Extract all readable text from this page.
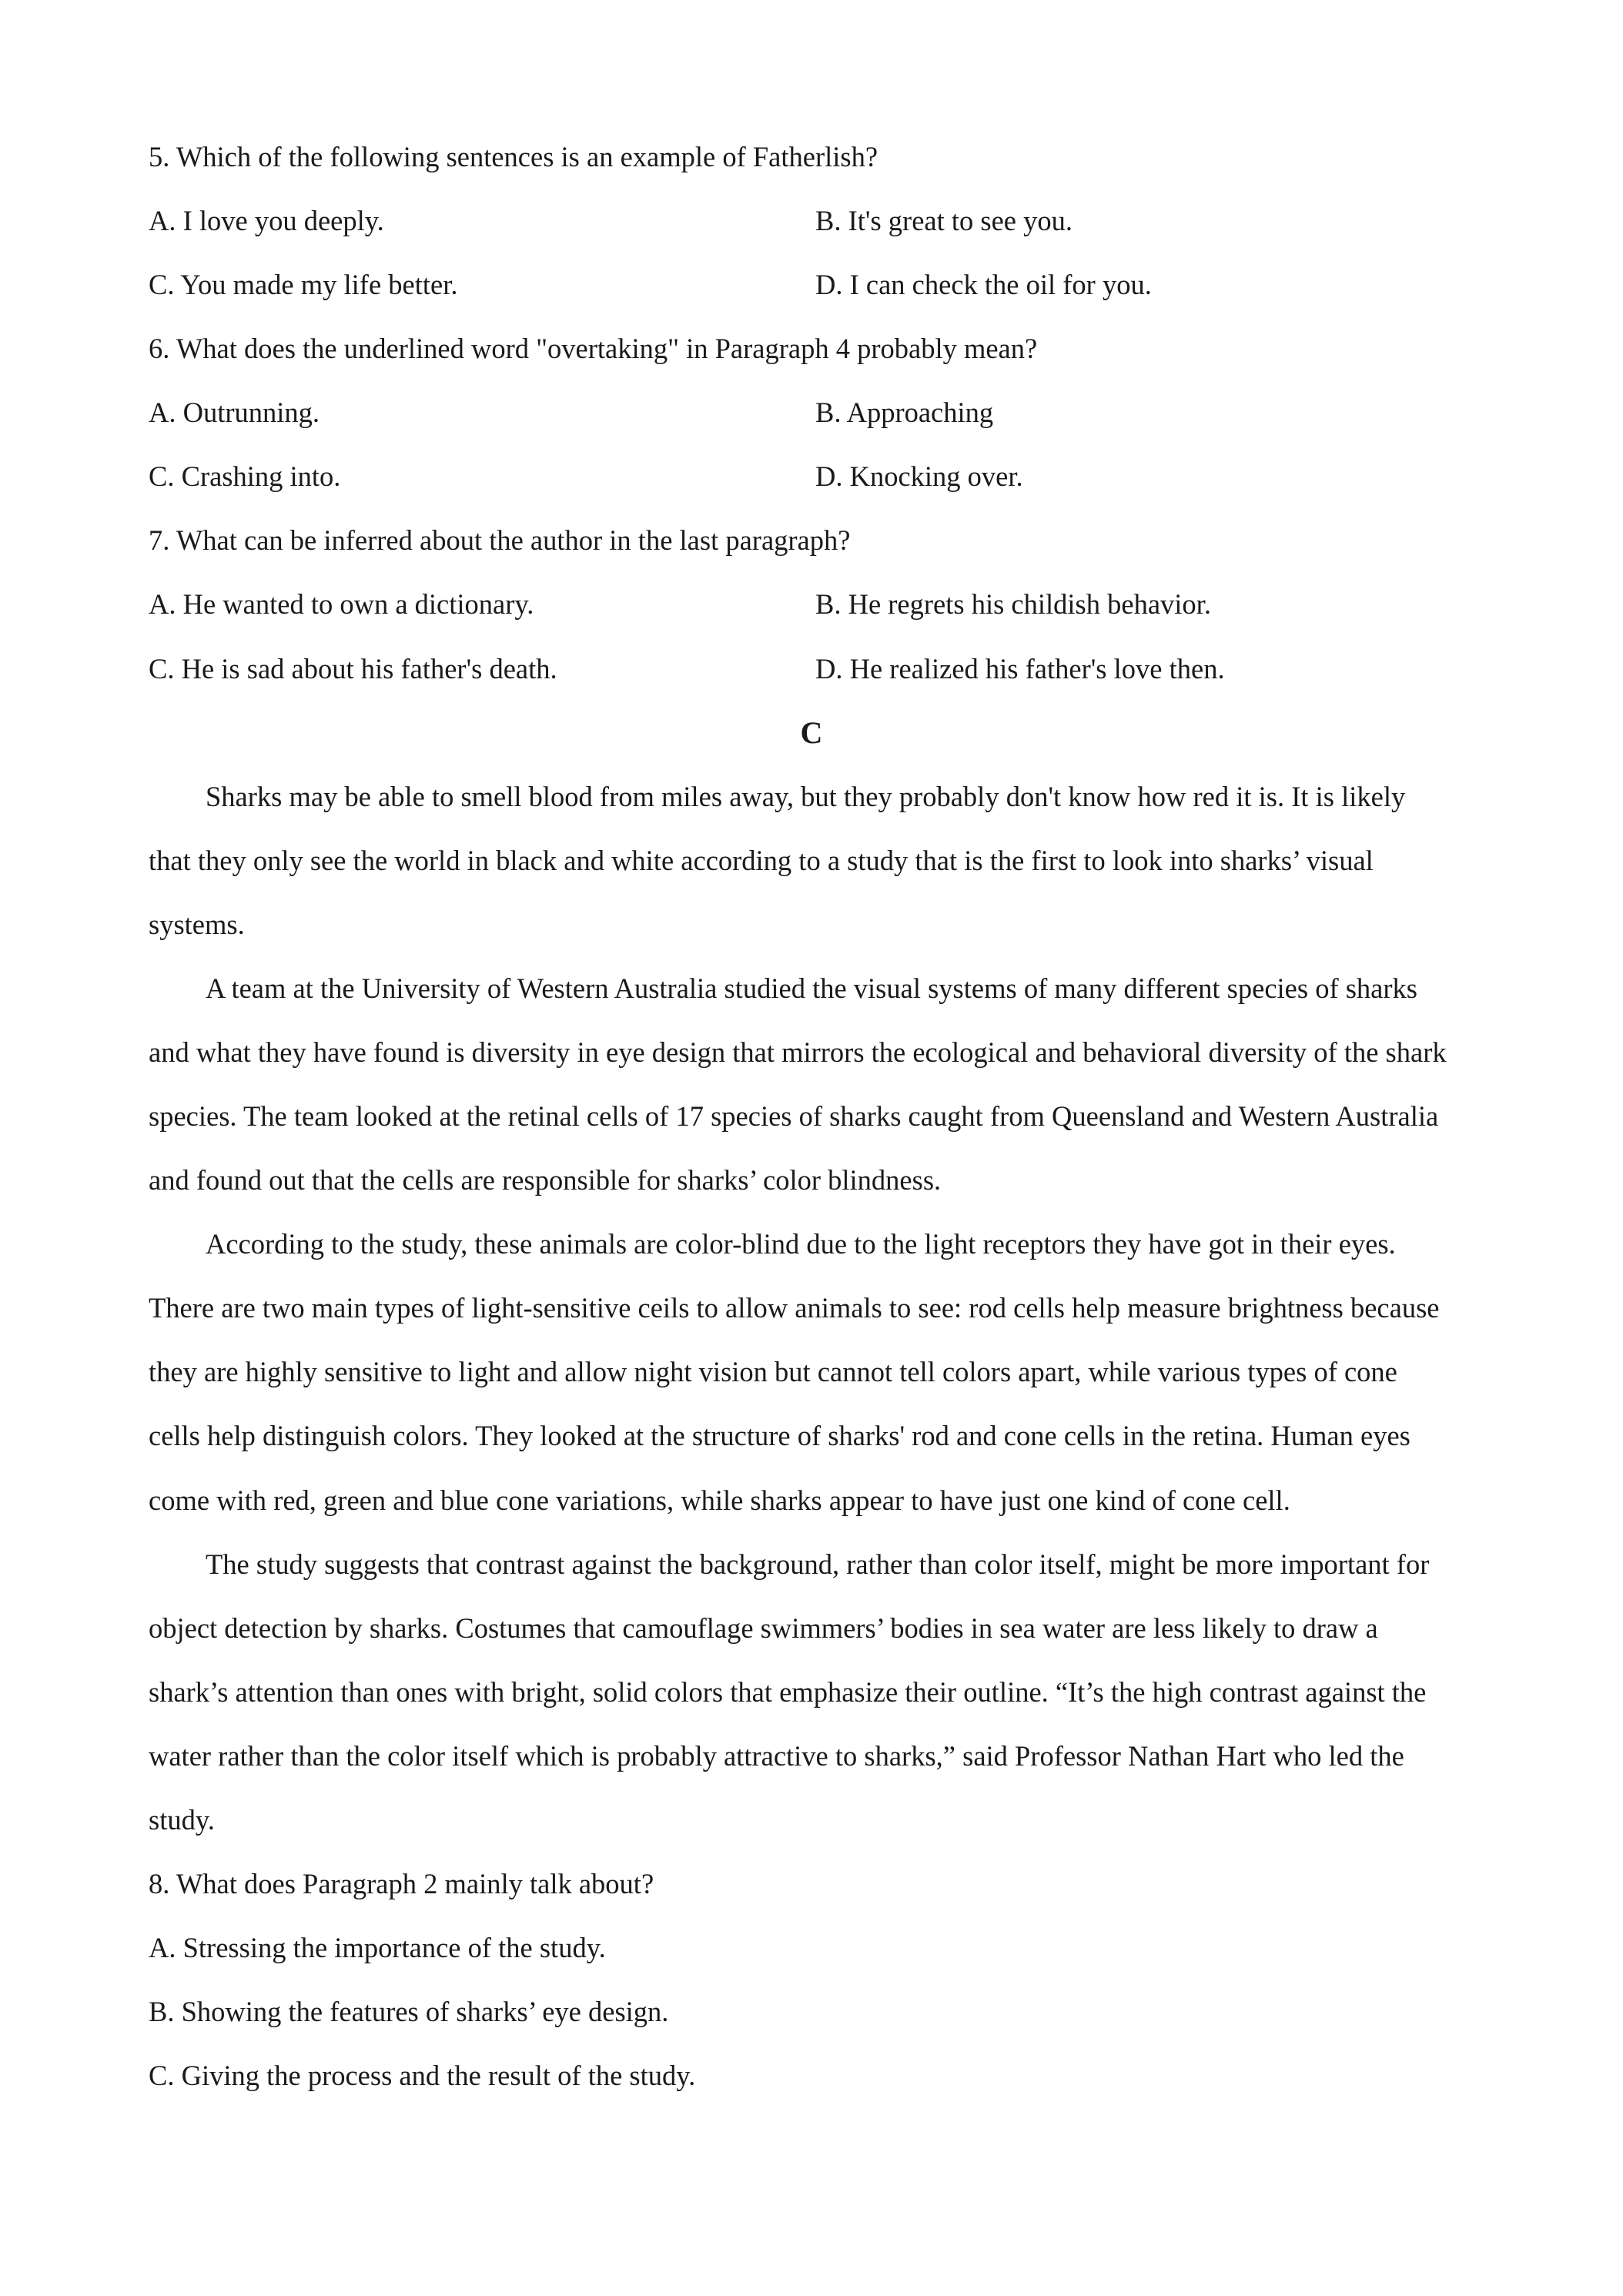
5. Which of the following sentences is an example of Fatherlish?
A. I love you deeply.	B. It's great to see you.
C. You made my life better.	D. I can check the oil for you.
6. What does the underlined word "overtaking" in Paragraph 4 probably mean?
A. Outrunning.	B. Approaching
C. Crashing into.	D. Knocking over.
7. What can be inferred about the author in the last paragraph?
A. He wanted to own a dictionary.	B. He regrets his childish behavior.
C. He is sad about his father's death.	D. He realized his father's love then.
C
Sharks may be able to smell blood from miles away, but they probably don't know how red it is. It is likely
that they only see the world in black and white according to a study that is the first to look into sharks’ visual
systems.
A team at the University of Western Australia studied the visual systems of many different species of sharks
and what they have found is diversity in eye design that mirrors the ecological and behavioral diversity of the shark
species. The team looked at the retinal cells of 17 species of sharks caught from Queensland and Western Australia
and found out that the cells are responsible for sharks’ color blindness.
According to the study, these animals are color-blind due to the light receptors they have got in their eyes.
There are two main types of light-sensitive ceils to allow animals to see: rod cells help measure brightness because
they are highly sensitive to light and allow night vision but cannot tell colors apart, while various types of cone
cells help distinguish colors. They looked at the structure of sharks' rod and cone cells in the retina. Human eyes
come with red, green and blue cone variations, while sharks appear to have just one kind of cone cell.
The study suggests that contrast against the background, rather than color itself, might be more important for
object detection by sharks. Costumes that camouflage swimmers’ bodies in sea water are less likely to draw a
shark’s attention than ones with bright, solid colors that emphasize their outline. “It’s the high contrast against the
water rather than the color itself which is probably attractive to sharks,” said Professor Nathan Hart who led the
study.
8. What does Paragraph 2 mainly talk about?
A. Stressing the importance of the study.
B. Showing the features of sharks’ eye design.
C. Giving the process and the result of the study.
